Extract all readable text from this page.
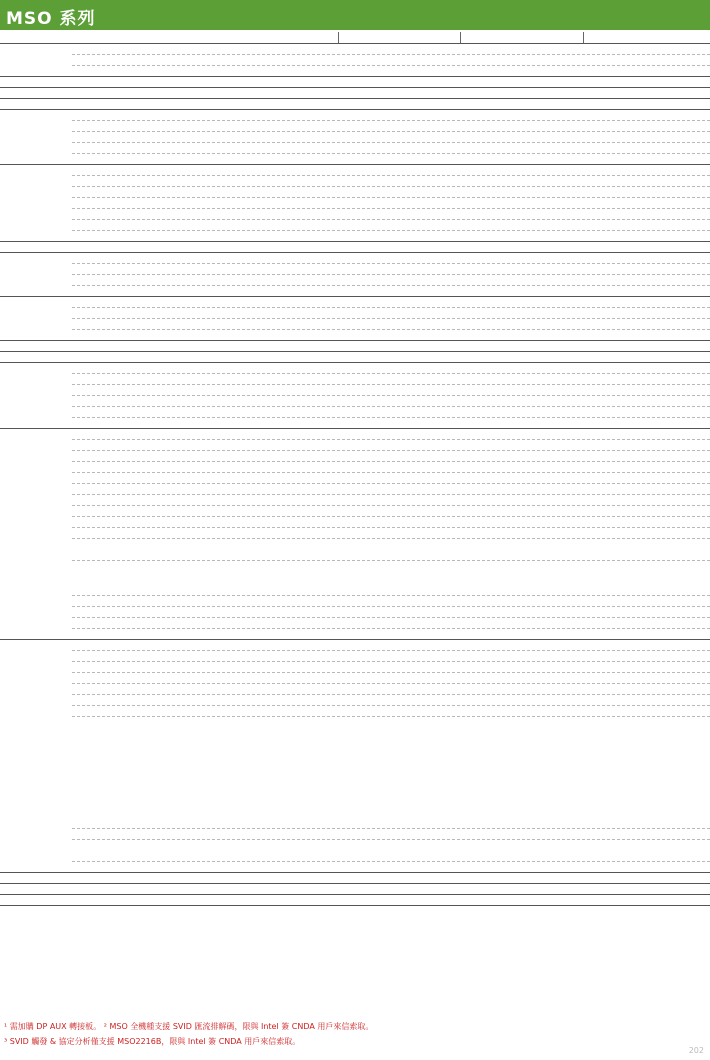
MSO 系列
¹ 需加購 DP AUX 轉接板。 ² MSO 全機種支援 SVID 匯流排解碼，限與 Intel 簽 CNDA 用戶來信索取。
³ SVID 觸發 & 協定分析僅支援 MSO2216B，限與 Intel 簽 CNDA 用戶來信索取。
202
